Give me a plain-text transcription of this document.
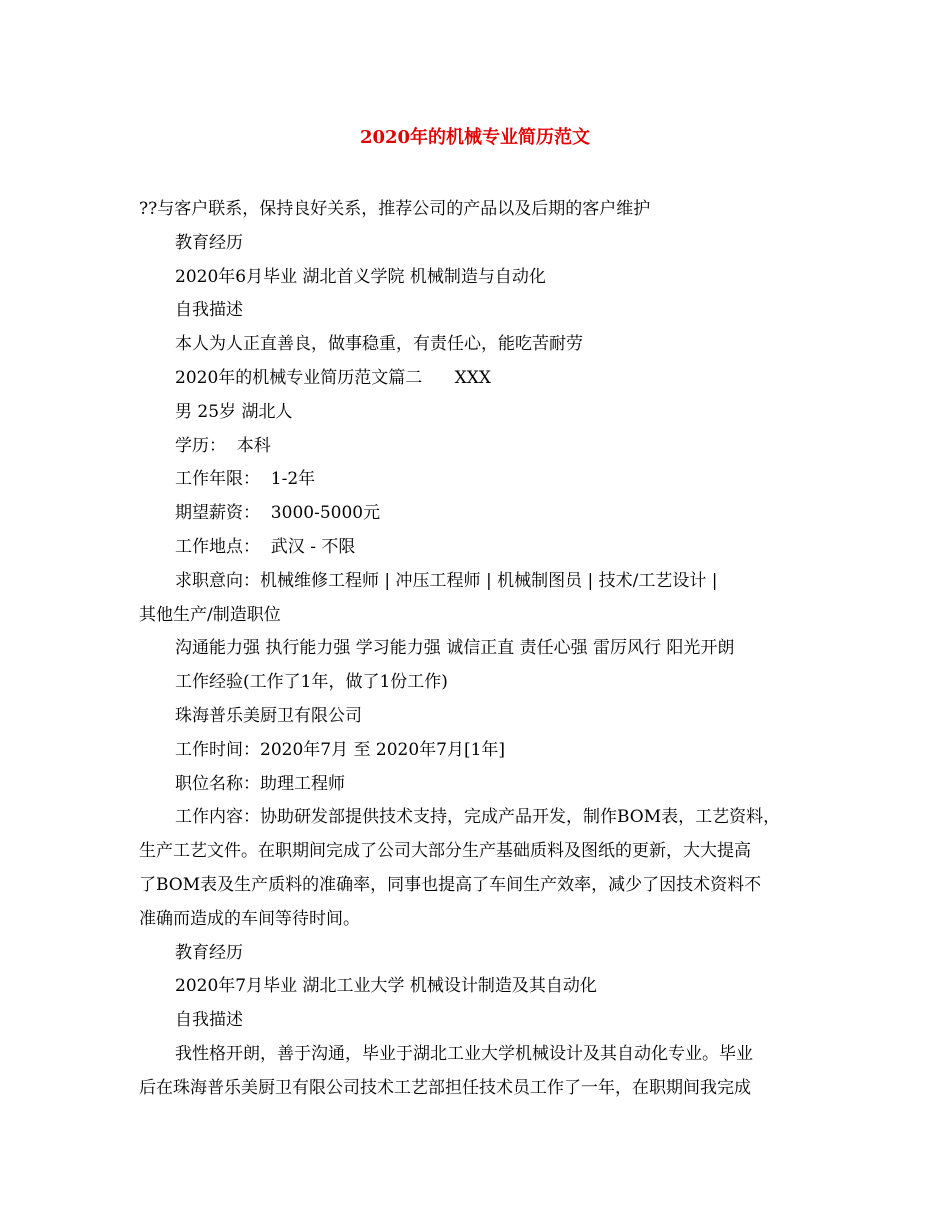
2020年的机械专业简历范文

??与客户联系，保持良好关系，推荐公司的产品以及后期的客户维护

教育经历

2020年6月毕业 湖北首义学院 机械制造与自动化

自我描述

本人为人正直善良，做事稳重，有责任心，能吃苦耐劳

2020年的机械专业简历范文篇二      XXX

男 25岁 湖北人

学历：  本科

工作年限：  1-2年

期望薪资：  3000-5000元

工作地点：  武汉 - 不限

求职意向：机械维修工程师 | 冲压工程师 | 机械制图员 | 技术/工艺设计 |

其他生产/制造职位

沟通能力强 执行能力强 学习能力强 诚信正直 责任心强 雷厉风行 阳光开朗

工作经验(工作了1年，做了1份工作)

珠海普乐美厨卫有限公司

工作时间：2020年7月 至 2020年7月[1年]

职位名称：助理工程师

工作内容：协助研发部提供技术支持，完成产品开发，制作BOM表，工艺资料，

生产工艺文件。在职期间完成了公司大部分生产基础质料及图纸的更新，大大提高

了BOM表及生产质料的准确率，同事也提高了车间生产效率，减少了因技术资料不

准确而造成的车间等待时间。

教育经历

2020年7月毕业 湖北工业大学 机械设计制造及其自动化

自我描述

我性格开朗，善于沟通，毕业于湖北工业大学机械设计及其自动化专业。毕业

后在珠海普乐美厨卫有限公司技术工艺部担任技术员工作了一年，在职期间我完成
